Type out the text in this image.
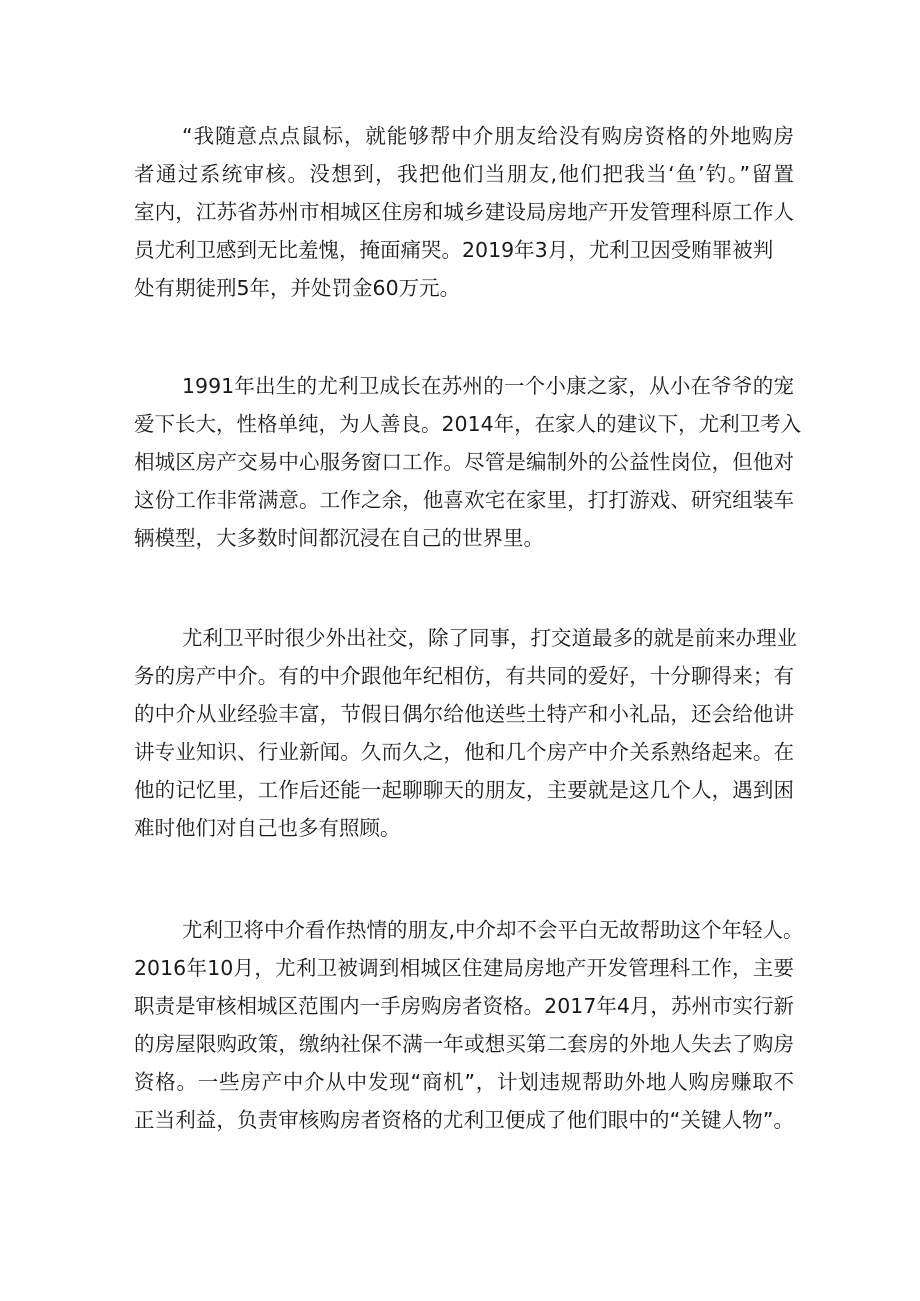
“我随意点点鼠标，就能够帮中介朋友给没有购房资格的外地购房
者通过系统审核。没想到，我把他们当朋友,他们把我当‘鱼’钓。”留置
室内，江苏省苏州市相城区住房和城乡建设局房地产开发管理科原工作人
员尤利卫感到无比羞愧，掩面痛哭。2019年3月，尤利卫因受贿罪被判
处有期徒刑5年，并处罚金60万元。

1991年出生的尤利卫成长在苏州的一个小康之家，从小在爷爷的宠
爱下长大，性格单纯，为人善良。2014年，在家人的建议下，尤利卫考入
相城区房产交易中心服务窗口工作。尽管是编制外的公益性岗位，但他对
这份工作非常满意。工作之余，他喜欢宅在家里，打打游戏、研究组装车
辆模型，大多数时间都沉浸在自己的世界里。

尤利卫平时很少外出社交，除了同事，打交道最多的就是前来办理业
务的房产中介。有的中介跟他年纪相仿，有共同的爱好，十分聊得来；有
的中介从业经验丰富，节假日偶尔给他送些土特产和小礼品，还会给他讲
讲专业知识、行业新闻。久而久之，他和几个房产中介关系熟络起来。在
他的记忆里，工作后还能一起聊聊天的朋友，主要就是这几个人，遇到困
难时他们对自己也多有照顾。

尤利卫将中介看作热情的朋友,中介却不会平白无故帮助这个年轻人。
2016年10月，尤利卫被调到相城区住建局房地产开发管理科工作，主要
职责是审核相城区范围内一手房购房者资格。2017年4月，苏州市实行新
的房屋限购政策，缴纳社保不满一年或想买第二套房的外地人失去了购房
资格。一些房产中介从中发现“商机”，计划违规帮助外地人购房赚取不
正当利益，负责审核购房者资格的尤利卫便成了他们眼中的“关键人物”。
